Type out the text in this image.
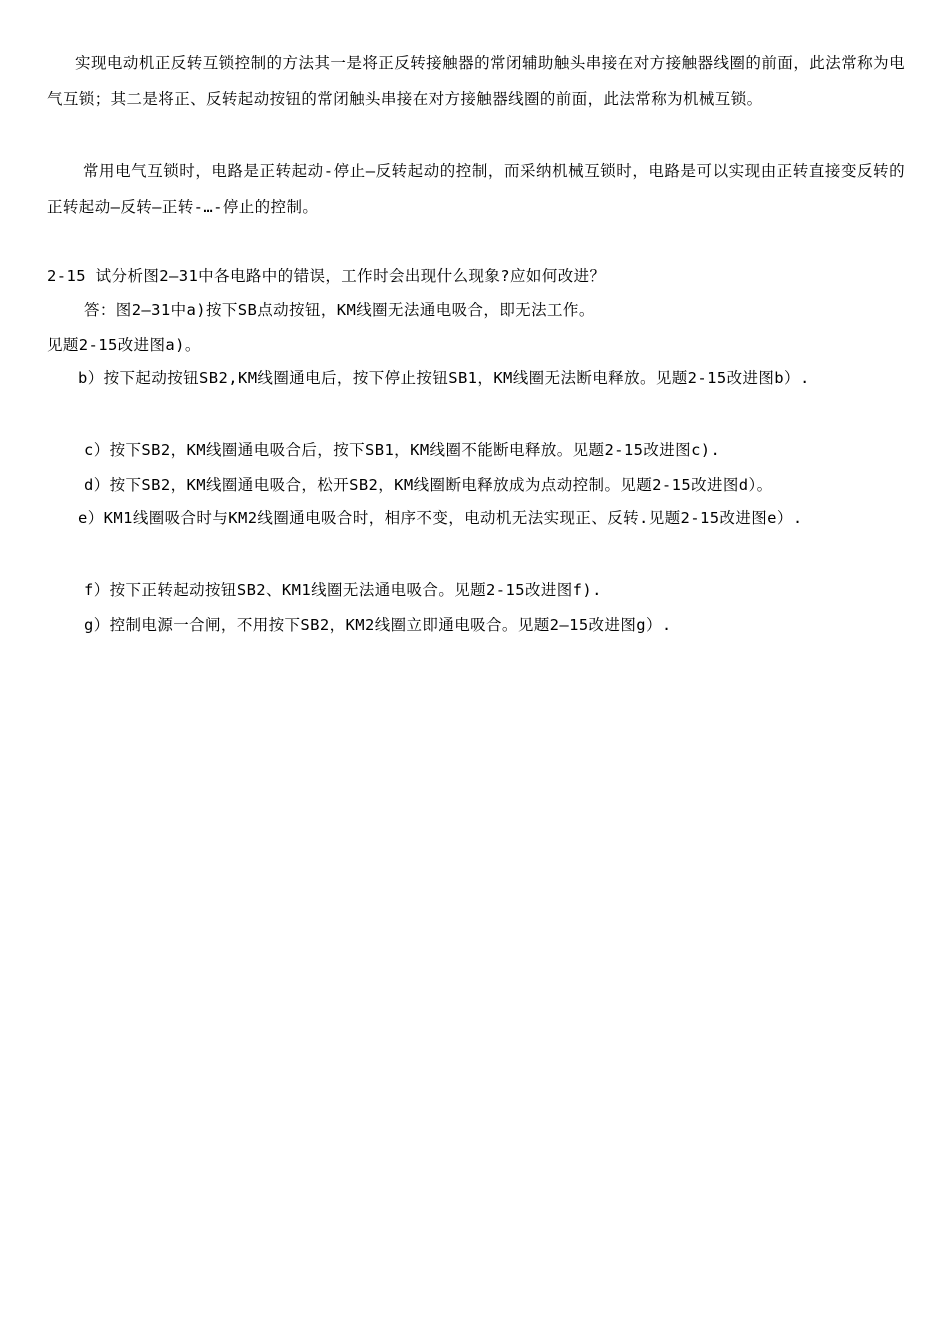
实现电动机正反转互锁控制的方法其一是将正反转接触器的常闭辅助触头串接在对方接触器线圈的前面，此法常称为电气互锁；其二是将正、反转起动按钮的常闭触头串接在对方接触器线圈的前面，此法常称为机械互锁。

常用电气互锁时，电路是正转起动-停止—反转起动的控制，而采纳机械互锁时，电路是可以实现由正转直接变反转的正转起动—反转—正转-…-停止的控制。

2-15 试分析图2—31中各电路中的错误，工作时会出现什么现象?应如何改进？

答：图2—31中a)按下SB点动按钮，KM线圈无法通电吸合，即无法工作。

见题2-15改进图a)。

b）按下起动按钮SB2,KM线圈通电后，按下停止按钮SB1，KM线圈无法断电释放。见题2-15改进图b）.

c）按下SB2，KM线圈通电吸合后，按下SB1，KM线圈不能断电释放。见题2-15改进图c).

d）按下SB2，KM线圈通电吸合，松开SB2，KM线圈断电释放成为点动控制。见题2-15改进图d）。

e）KM1线圈吸合时与KM2线圈通电吸合时，相序不变，电动机无法实现正、反转.见题2-15改进图e）.

f）按下正转起动按钮SB2、KM1线圈无法通电吸合。见题2-15改进图f).

g）控制电源一合闸，不用按下SB2，KM2线圈立即通电吸合。见题2—15改进图g）.
